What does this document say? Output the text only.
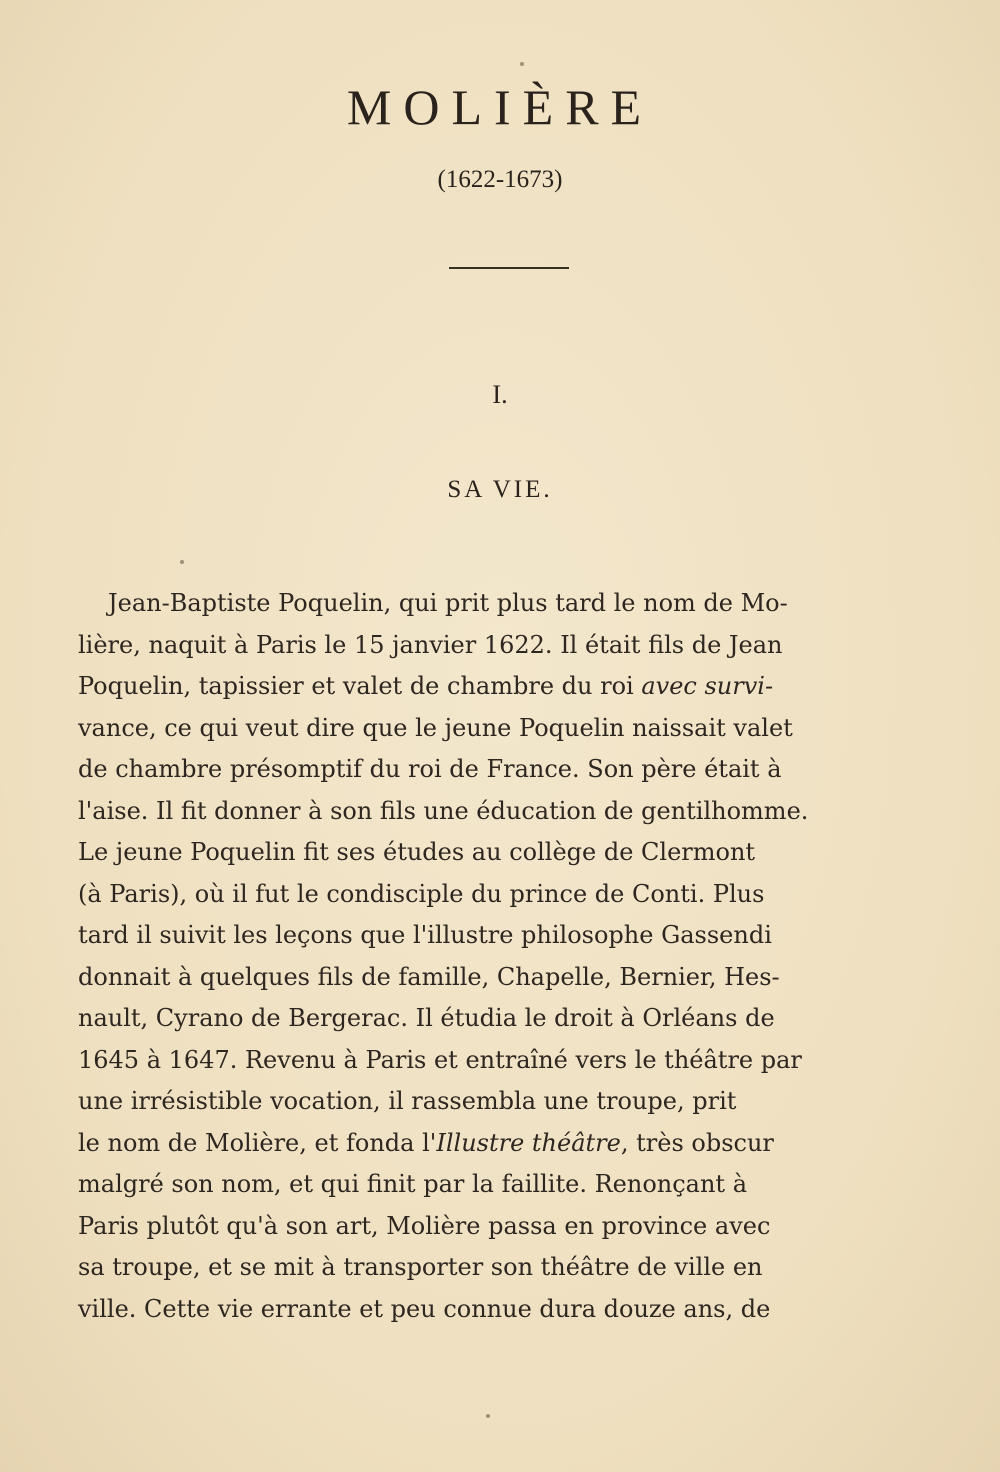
MOLIÈRE
(1622-1673)
I.
SA VIE.
Jean-Baptiste Poquelin, qui prit plus tard le nom de Mo-
lière, naquit à Paris le 15 janvier 1622. Il était fils de Jean
Poquelin, tapissier et valet de chambre du roi avec survi-
vance, ce qui veut dire que le jeune Poquelin naissait valet
de chambre présomptif du roi de France. Son père était à
l'aise. Il fit donner à son fils une éducation de gentilhomme.
Le jeune Poquelin fit ses études au collège de Clermont
(à Paris), où il fut le condisciple du prince de Conti. Plus
tard il suivit les leçons que l'illustre philosophe Gassendi
donnait à quelques fils de famille, Chapelle, Bernier, Hes-
nault, Cyrano de Bergerac. Il étudia le droit à Orléans de
1645 à 1647. Revenu à Paris et entraîné vers le théâtre par
une irrésistible vocation, il rassembla une troupe, prit
le nom de Molière, et fonda l'Illustre théâtre, très obscur
malgré son nom, et qui finit par la faillite. Renonçant à
Paris plutôt qu'à son art, Molière passa en province avec
sa troupe, et se mit à transporter son théâtre de ville en
ville. Cette vie errante et peu connue dura douze ans, de
